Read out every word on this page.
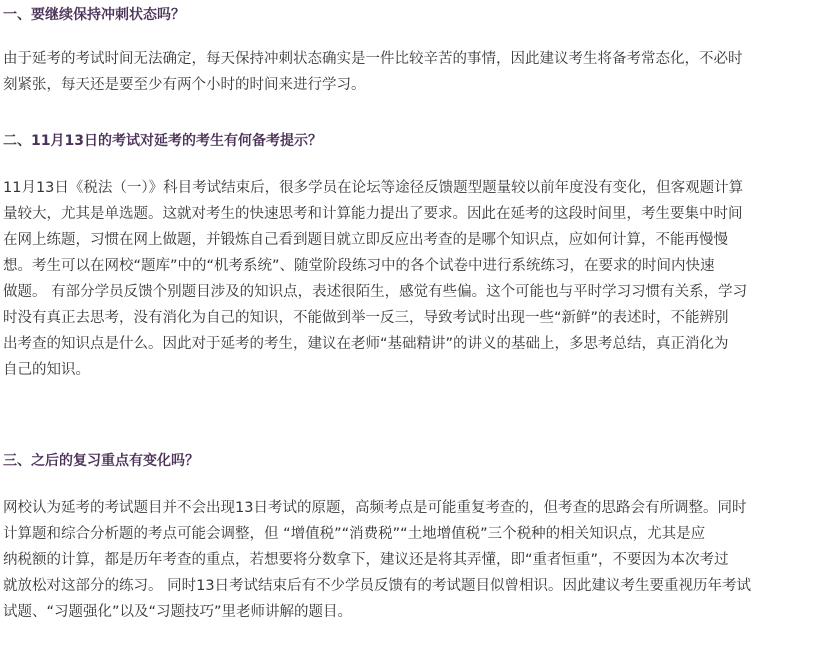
一、要继续保持冲刺状态吗？
由于延考的考试时间无法确定，每天保持冲刺状态确实是一件比较辛苦的事情，因此建议考生将备考常态化，不必时
刻紧张，每天还是要至少有两个小时的时间来进行学习。
二、11月13日的考试对延考的考生有何备考提示？
11月13日《税法（一）》科目考试结束后，很多学员在论坛等途径反馈题型题量较以前年度没有变化，但客观题计算
量较大，尤其是单选题。这就对考生的快速思考和计算能力提出了要求。因此在延考的这段时间里，考生要集中时间
在网上练题，习惯在网上做题，并锻炼自己看到题目就立即反应出考查的是哪个知识点，应如何计算，不能再慢慢
想。考生可以在网校“题库”中的“机考系统”、随堂阶段练习中的各个试卷中进行系统练习，在要求的时间内快速
做题。 有部分学员反馈个别题目涉及的知识点，表述很陌生，感觉有些偏。这个可能也与平时学习习惯有关系，学习
时没有真正去思考，没有消化为自己的知识，不能做到举一反三，导致考试时出现一些“新鲜”的表述时，不能辨别
出考查的知识点是什么。因此对于延考的考生，建议在老师“基础精讲”的讲义的基础上，多思考总结，真正消化为
自己的知识。
三、之后的复习重点有变化吗？
网校认为延考的考试题目并不会出现13日考试的原题，高频考点是可能重复考查的，但考查的思路会有所调整。同时
计算题和综合分析题的考点可能会调整，但 “增值税”“消费税”“土地增值税”三个税种的相关知识点，尤其是应
纳税额的计算，都是历年考查的重点，若想要将分数拿下，建议还是将其弄懂，即“重者恒重”，不要因为本次考过
就放松对这部分的练习。 同时13日考试结束后有不少学员反馈有的考试题目似曾相识。因此建议考生要重视历年考试
试题、“习题强化”以及“习题技巧”里老师讲解的题目。
